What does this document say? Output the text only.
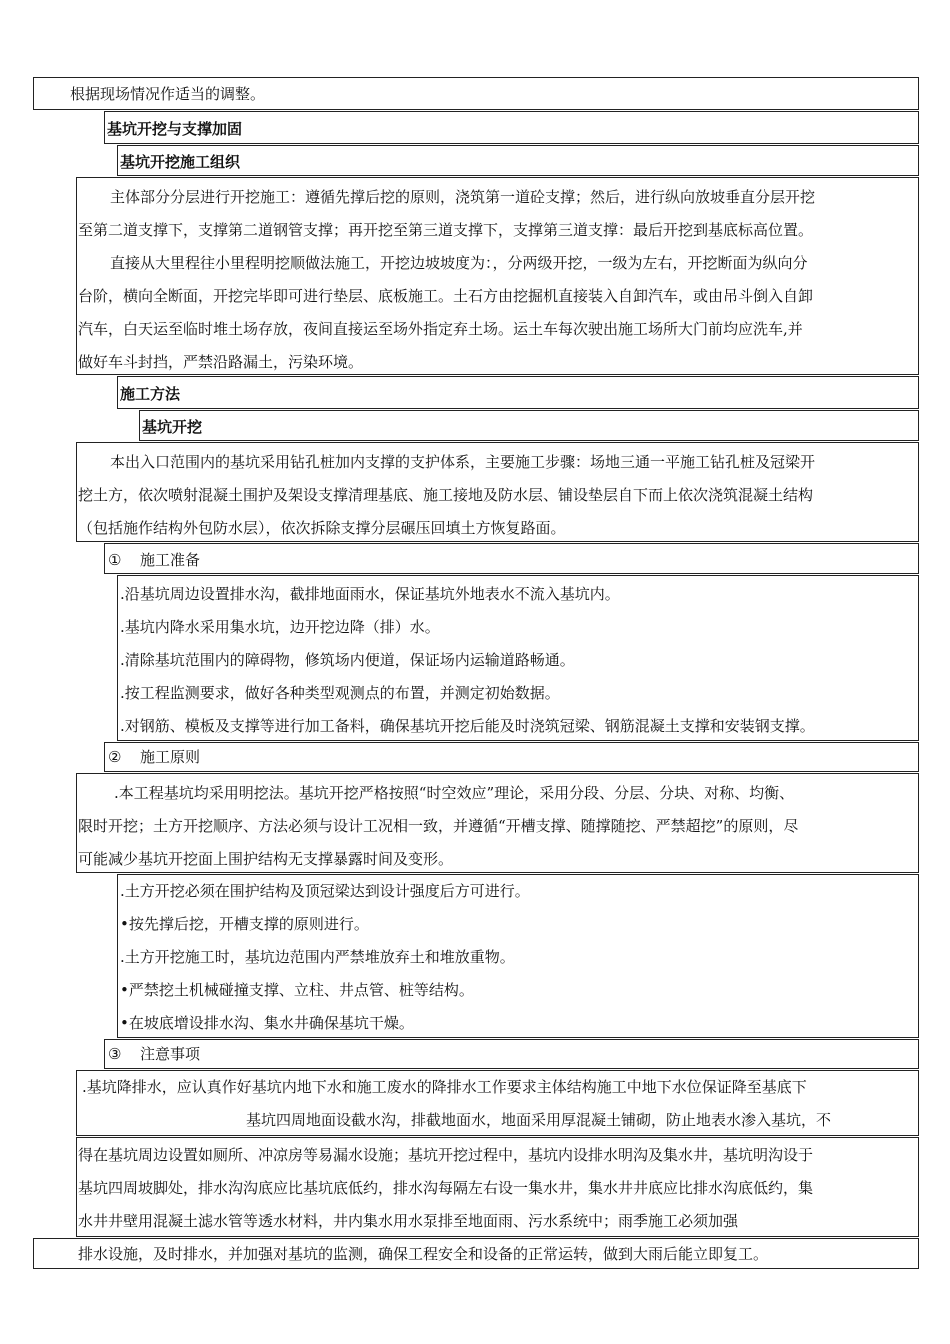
根据现场情况作适当的调整。
基坑开挖与支撑加固
基坑开挖施工组织
主体部分分层进行开挖施工：遵循先撑后挖的原则，浇筑第一道砼支撑；然后，进行纵向放坡垂直分层开挖
至第二道支撑下，支撑第二道钢管支撑；再开挖至第三道支撑下，支撑第三道支撑：最后开挖到基底标高位置。
直接从大里程往小里程明挖顺做法施工，开挖边坡坡度为：，分两级开挖，一级为左右，开挖断面为纵向分
台阶，横向全断面，开挖完毕即可进行垫层、底板施工。土石方由挖掘机直接装入自卸汽车，或由吊斗倒入自卸
汽车，白天运至临时堆土场存放，夜间直接运至场外指定弃土场。运土车每次驶出施工场所大门前均应洗车,并
做好车斗封挡，严禁沿路漏土，污染环境。
施工方法
基坑开挖
本出入口范围内的基坑采用钻孔桩加内支撑的支护体系，主要施工步骤：场地三通一平施工钻孔桩及冠梁开
挖土方，依次喷射混凝土围护及架设支撑清理基底、施工接地及防水层、铺设垫层自下而上依次浇筑混凝土结构
（包括施作结构外包防水层），依次拆除支撑分层碾压回填土方恢复路面。
① 施工准备
.沿基坑周边设置排水沟，截排地面雨水，保证基坑外地表水不流入基坑内。
.基坑内降水采用集水坑，边开挖边降（排）水。
.清除基坑范围内的障碍物，修筑场内便道，保证场内运输道路畅通。
.按工程监测要求，做好各种类型观测点的布置，并测定初始数据。
.对钢筋、模板及支撑等进行加工备料，确保基坑开挖后能及时浇筑冠梁、钢筋混凝土支撑和安装钢支撑。
② 施工原则
.本工程基坑均采用明挖法。基坑开挖严格按照“时空效应”理论，采用分段、分层、分块、对称、均衡、
限时开挖；土方开挖顺序、方法必须与设计工况相一致，并遵循“开槽支撑、随撑随挖、严禁超挖”的原则，尽
可能减少基坑开挖面上围护结构无支撑暴露时间及变形。
.土方开挖必须在围护结构及顶冠梁达到设计强度后方可进行。
•按先撑后挖，开槽支撑的原则进行。
.土方开挖施工时，基坑边范围内严禁堆放弃土和堆放重物。
•严禁挖土机械碰撞支撑、立柱、井点管、桩等结构。
•在坡底增设排水沟、集水井确保基坑干燥。
③ 注意事项
.基坑降排水，应认真作好基坑内地下水和施工废水的降排水工作要求主体结构施工中地下水位保证降至基底下
基坑四周地面设截水沟，排截地面水，地面采用厚混凝土铺砌，防止地表水渗入基坑，不
得在基坑周边设置如厕所、冲凉房等易漏水设施；基坑开挖过程中，基坑内设排水明沟及集水井，基坑明沟设于
基坑四周坡脚处，排水沟沟底应比基坑底低约，排水沟每隔左右设一集水井，集水井井底应比排水沟底低约，集
水井井壁用混凝土滤水管等透水材料，井内集水用水泵排至地面雨、污水系统中；雨季施工必须加强
排水设施，及时排水，并加强对基坑的监测，确保工程安全和设备的正常运转，做到大雨后能立即复工。
